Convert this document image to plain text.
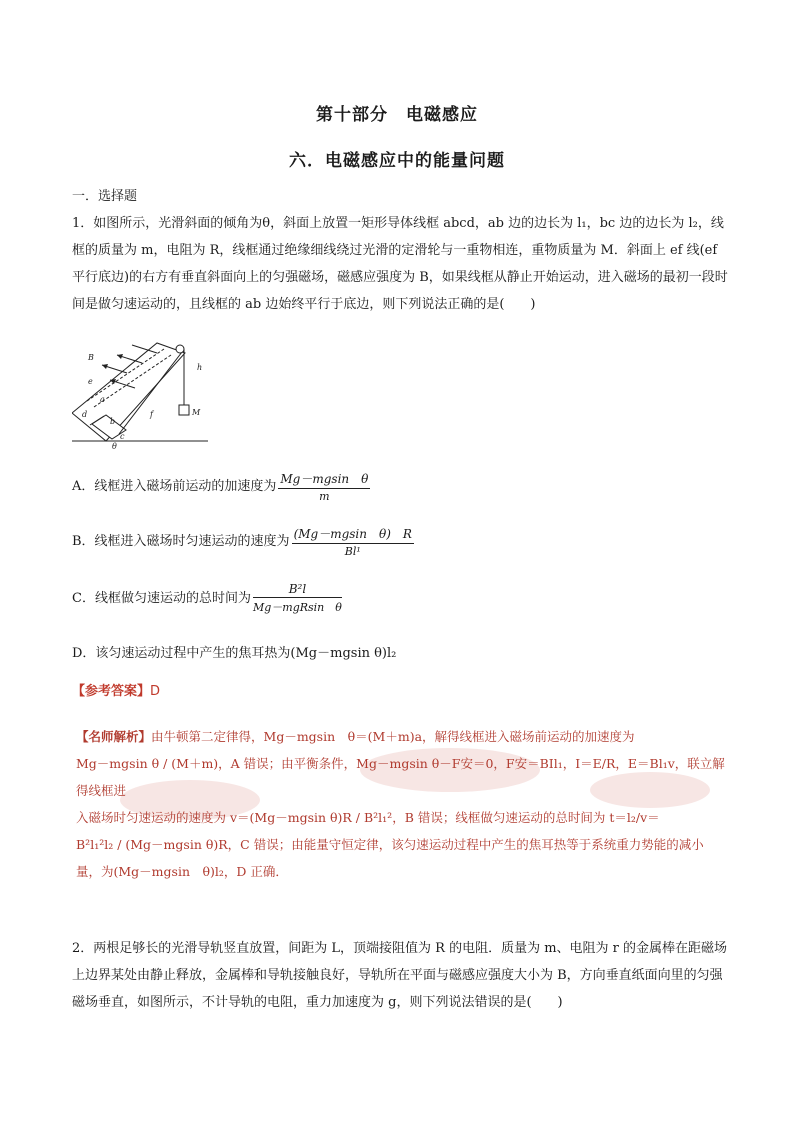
第十部分　电磁感应
六．电磁感应中的能量问题
一．选择题
1．如图所示，光滑斜面的倾角为θ，斜面上放置一矩形导体线框 abcd，ab 边的边长为 l₁，bc 边的边长为 l₂，线框的质量为 m，电阻为 R，线框通过绝缘细线绕过光滑的定滑轮与一重物相连，重物质量为 M．斜面上 ef 线(ef 平行底边)的右方有垂直斜面向上的匀强磁场，磁感应强度为 B，如果线框从静止开始运动，进入磁场的最初一段时间是做匀速运动的，且线框的 ab 边始终平行于底边，则下列说法正确的是(　　)
B
e
a
d
b
c
f
h
M
θ
A．线框进入磁场前运动的加速度为 $\frac{\text{Mg－mgsin　θ}}{m}$
B．线框进入磁场时匀速运动的速度为 $\frac{\text{(Mg－mgsin　θ)　R}}{\text{Bl¹}}$
C．线框做匀速运动的总时间为 $\frac{\text{B²l}}{\text{Mg－mgRsin　θ}}$
D．该匀速运动过程中产生的焦耳热为(Mg－mgsin θ)l₂
【参考答案】D
【名师解析】由牛顿第二定律得，Mg－mgsin　θ＝(M＋m)a，解得线框进入磁场前运动的加速度为
Mg－mgsin θ / (M＋m)，A 错误；由平衡条件，Mg－mgsin θ－F安＝0，F安＝BIl₁，I＝E/R，E＝Bl₁v，联立解得线框进
入磁场时匀速运动的速度为 v＝(Mg－mgsin θ)R / B²l₁²，B 错误；线框做匀速运动的总时间为 t＝l₂/v＝
B²l₁²l₂ / (Mg－mgsin θ)R，C 错误；由能量守恒定律，该匀速运动过程中产生的焦耳热等于系统重力势能的减小
量，为(Mg－mgsin　θ)l₂，D 正确．
2．两根足够长的光滑导轨竖直放置，间距为 L，顶端接阻值为 R 的电阻．质量为 m、电阻为 r 的金属棒在距磁场上边界某处由静止释放，金属棒和导轨接触良好，导轨所在平面与磁感应强度大小为 B，方向垂直纸面向里的匀强磁场垂直，如图所示，不计导轨的电阻，重力加速度为 g，则下列说法错误的是(　　)
